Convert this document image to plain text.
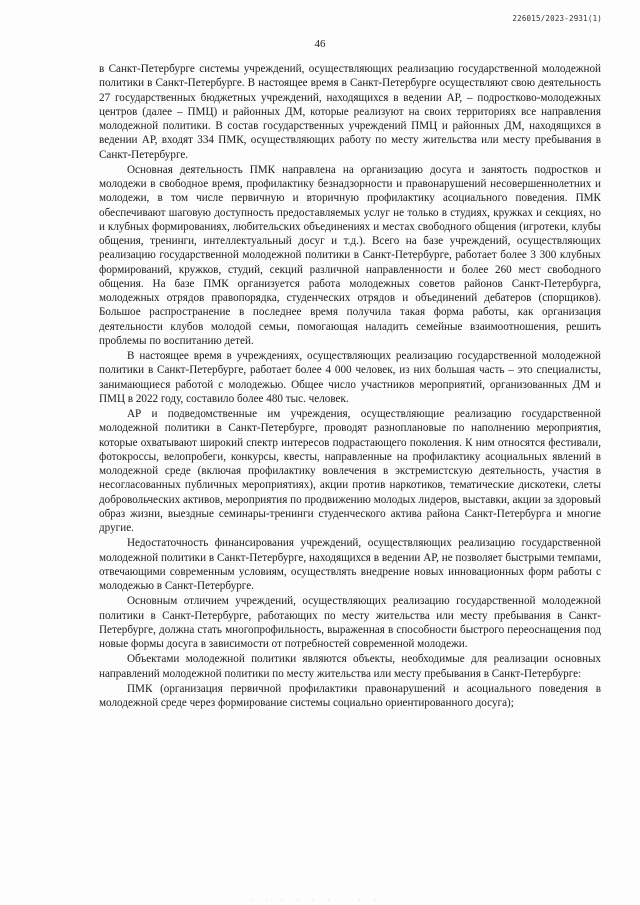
226015/2023-2931(1)
46

в Санкт-Петербурге системы учреждений, осуществляющих реализацию государственной молодежной политики в Санкт-Петербурге. В настоящее время в Санкт-Петербурге осуществляют свою деятельность 27 государственных бюджетных учреждений, находящихся в ведении АР, – подростково-молодежных центров (далее – ПМЦ) и районных ДМ, которые реализуют на своих территориях все направления молодежной политики. В состав государственных учреждений ПМЦ и районных ДМ, находящихся в ведении АР, входят 334 ПМК, осуществляющих работу по месту жительства или месту пребывания в Санкт-Петербурге.

Основная деятельность ПМК направлена на организацию досуга и занятость подростков и молодежи в свободное время, профилактику безнадзорности и правонарушений несовершеннолетних и молодежи, в том числе первичную и вторичную профилактику асоциального поведения. ПМК обеспечивают шаговую доступность предоставляемых услуг не только в студиях, кружках и секциях, но и клубных формированиях, любительских объединениях и местах свободного общения (игротеки, клубы общения, тренинги, интеллектуальный досуг и т.д.). Всего на базе учреждений, осуществляющих реализацию государственной молодежной политики в Санкт-Петербурге, работает более 3 300 клубных формирований, кружков, студий, секций различной направленности и более 260 мест свободного общения. На базе ПМК организуется работа молодежных советов районов Санкт-Петербурга, молодежных отрядов правопорядка, студенческих отрядов и объединений дебатеров (спорщиков). Большое распространение в последнее время получила такая форма работы, как организация деятельности клубов молодой семьи, помогающая наладить семейные взаимоотношения, решить проблемы по воспитанию детей.

В настоящее время в учреждениях, осуществляющих реализацию государственной молодежной политики в Санкт-Петербурге, работает более 4 000 человек, из них большая часть – это специалисты, занимающиеся работой с молодежью. Общее число участников мероприятий, организованных ДМ и ПМЦ в 2022 году, составило более 480 тыс. человек.

АР и подведомственные им учреждения, осуществляющие реализацию государственной молодежной политики в Санкт-Петербурге, проводят разноплановые по наполнению мероприятия, которые охватывают широкий спектр интересов подрастающего поколения. К ним относятся фестивали, фотокроссы, велопробеги, конкурсы, квесты, направленные на профилактику асоциальных явлений в молодежной среде (включая профилактику вовлечения в экстремистскую деятельность, участия в несогласованных публичных мероприятиях), акции против наркотиков, тематические дискотеки, слеты добровольческих активов, мероприятия по продвижению молодых лидеров, выставки, акции за здоровый образ жизни, выездные семинары-тренинги студенческого актива района Санкт-Петербурга и многие другие.

Недостаточность финансирования учреждений, осуществляющих реализацию государственной молодежной политики в Санкт-Петербурге, находящихся в ведении АР, не позволяет быстрыми темпами, отвечающими современным условиям, осуществлять внедрение новых инновационных форм работы с молодежью в Санкт-Петербурге.

Основным отличием учреждений, осуществляющих реализацию государственной молодежной политики в Санкт-Петербурге, работающих по месту жительства или месту пребывания в Санкт-Петербурге, должна стать многопрофильность, выраженная в способности быстрого переоснащения под новые формы досуга в зависимости от потребностей современной молодежи.

Объектами молодежной политики являются объекты, необходимые для реализации основных направлений молодежной политики по месту жительства или месту пребывания в Санкт-Петербурге:

ПМК (организация первичной профилактики правонарушений и асоциального поведения в молодежной среде через формирование системы социально ориентированного досуга);

· · · · · · · · ·
